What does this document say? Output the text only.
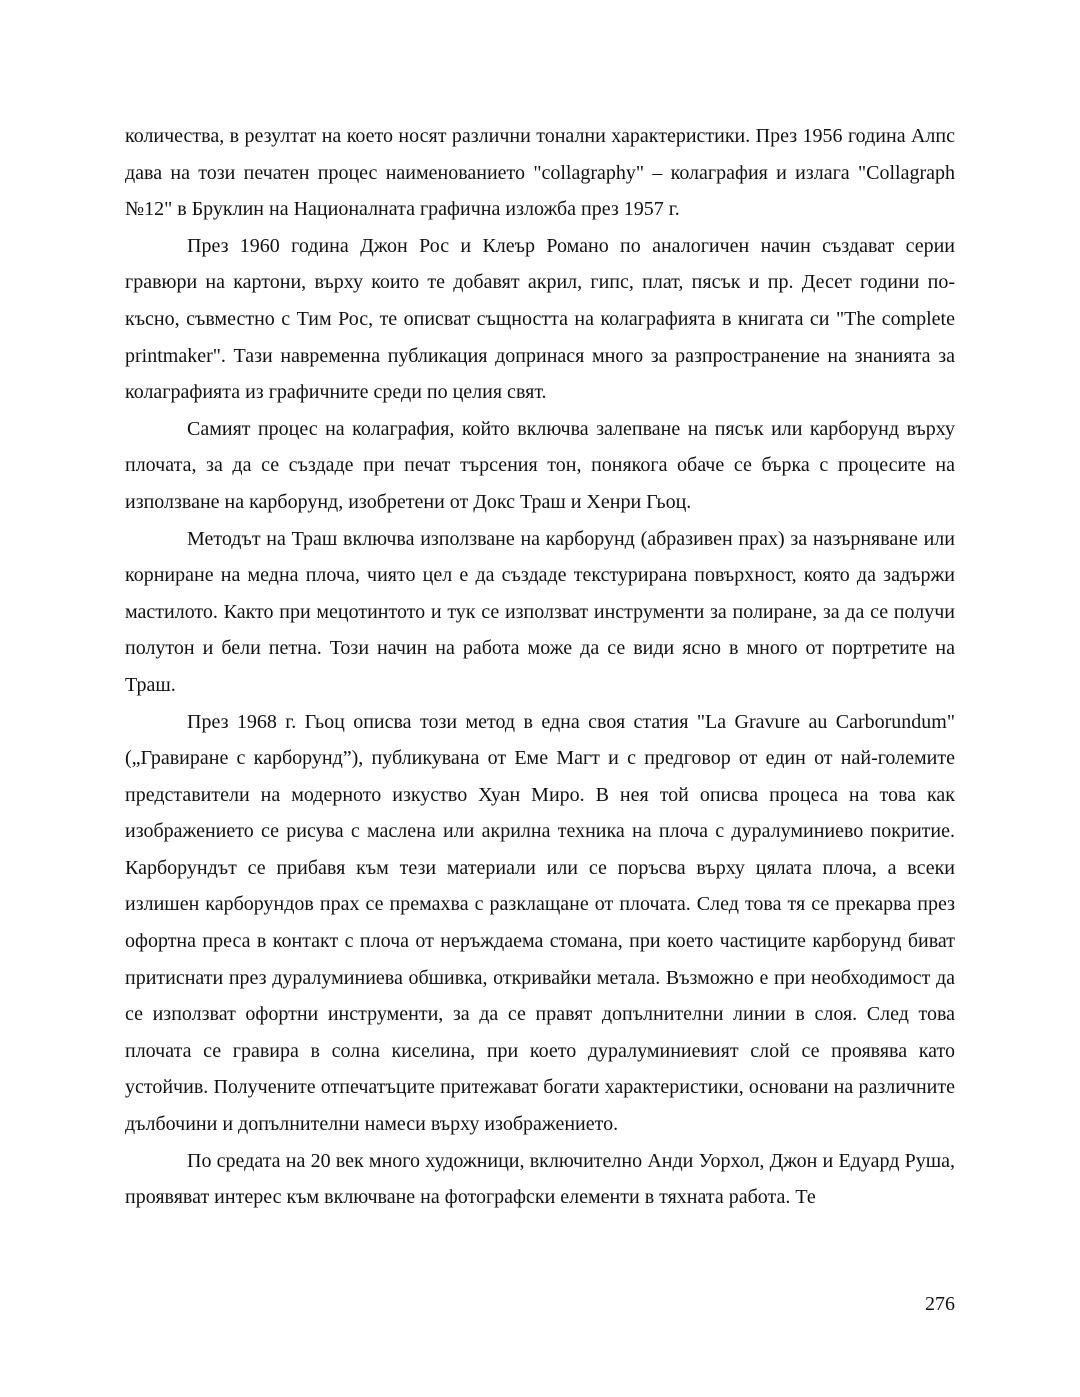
количества, в резултат на което носят различни тонални характеристики. През 1956 година Алпс дава на този печатен процес наименованието "collagraphy" – колаграфия и излага "Collagraph №12" в Бруклин на Националната графична изложба през 1957 г.

През 1960 година Джон Рос и Клеър Романо по аналогичен начин създават серии гравюри на картони, върху които те добавят акрил, гипс, плат, пясък и пр. Десет години по-късно, съвместно с Тим Рос, те описват същността на колаграфията в книгата си "The complete printmaker". Тази навременна публикация допринася много за разпространение на знанията за колаграфията из графичните среди по целия свят.

Самият процес на колаграфия, който включва залепване на пясък или карборунд върху плочата, за да се създаде при печат търсения тон, понякога обаче се бърка с процесите на използване на карборунд, изобретени от Докс Траш и Хенри Гьоц.

Методът на Траш включва използване на карборунд (абразивен прах) за назърняване или корниране на медна плоча, чиято цел е да създаде текстурирана повърхност, която да задържи мастилото. Както при мецотинтото и тук се използват инструменти за полиране, за да се получи полутон и бели петна. Този начин на работа може да се види ясно в много от портретите на Траш.

През 1968 г. Гьоц описва този метод в една своя статия "La Gravure au Carborundum" („Гравиране с карборунд”), публикувана от Еме Магт и с предговор от един от най-големите представители на модерното изкуство Хуан Миро. В нея той описва процеса на това как изображението се рисува с маслена или акрилна техника на плоча с дуралуминиево покритие. Карборундът се прибавя към тези материали или се поръсва върху цялата плоча, а всеки излишен карборундов прах се премахва с разклащане от плочата. След това тя се прекарва през офортна преса в контакт с плоча от неръждаема стомана, при което частиците карборунд биват притиснати през дуралуминиева обшивка, откривайки метала. Възможно е при необходимост да се използват офортни инструменти, за да се правят допълнителни линии в слоя. След това плочата се гравира в солна киселина, при което дуралуминиевият слой се проявява като устойчив. Получените отпечатъците притежават богати характеристики, основани на различните дълбочини и допълнителни намеси върху изображението.

По средата на 20 век много художници, включително Анди Уорхол, Джон и Едуард Руша, проявяват интерес към включване на фотографски елементи в тяхната работа. Те

276
